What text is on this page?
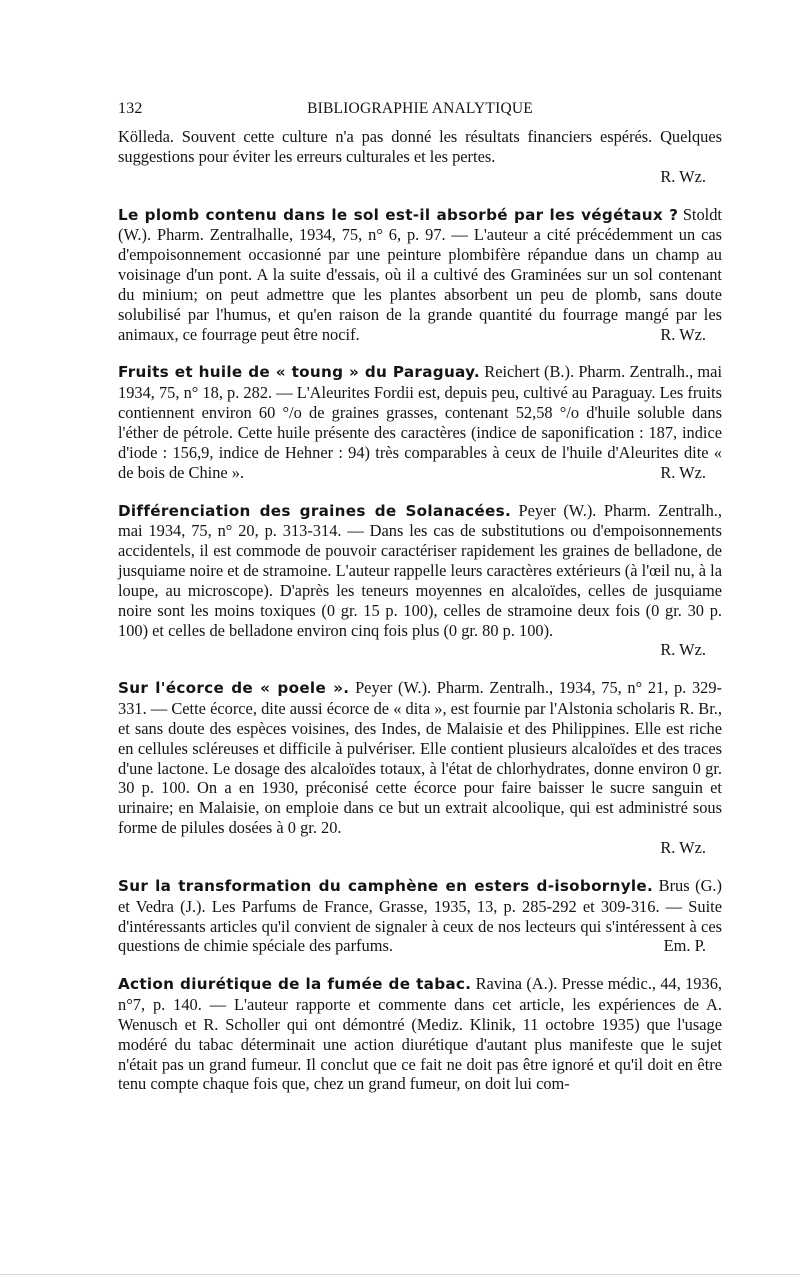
132	BIBLIOGRAPHIE ANALYTIQUE

Kölleda. Souvent cette culture n'a pas donné les résultats financiers espérés. Quelques suggestions pour éviter les erreurs culturales et les pertes.

R. Wz.

Le plomb contenu dans le sol est-il absorbé par les végétaux ? Stoldt (W.). Pharm. Zentralhalle, 1934, 75, n° 6, p. 97. — L'auteur a cité précédemment un cas d'empoisonnement occasionné par une peinture plombifère répandue dans un champ au voisinage d'un pont. A la suite d'essais, où il a cultivé des Graminées sur un sol contenant du minium; on peut admettre que les plantes absorbent un peu de plomb, sans doute solubilisé par l'humus, et qu'en raison de la grande quantité du fourrage mangé par les animaux, ce fourrage peut être nocif.	R. Wz.

Fruits et huile de « toung » du Paraguay. Reichert (B.). Pharm. Zentralh., mai 1934, 75, n° 18, p. 282. — L'Aleurites Fordii est, depuis peu, cultivé au Paraguay. Les fruits contiennent environ 60 °/o de graines grasses, contenant 52,58 °/o d'huile soluble dans l'éther de pétrole. Cette huile présente des caractères (indice de saponification : 187, indice d'iode : 156,9, indice de Hehner : 94) très comparables à ceux de l'huile d'Aleurites dite « de bois de Chine ».	R. Wz.

Différenciation des graines de Solanacées. Peyer (W.). Pharm. Zentralh., mai 1934, 75, n° 20, p. 313-314. — Dans les cas de substitutions ou d'empoisonnements accidentels, il est commode de pouvoir caractériser rapidement les graines de belladone, de jusquiame noire et de stramoine. L'auteur rappelle leurs caractères extérieurs (à l'œil nu, à la loupe, au microscope). D'après les teneurs moyennes en alcaloïdes, celles de jusquiame noire sont les moins toxiques (0 gr. 15 p. 100), celles de stramoine deux fois (0 gr. 30 p. 100) et celles de belladone environ cinq fois plus (0 gr. 80 p. 100).

R. Wz.

Sur l'écorce de « poele ». Peyer (W.). Pharm. Zentralh., 1934, 75, n° 21, p. 329-331. — Cette écorce, dite aussi écorce de « dita », est fournie par l'Alstonia scholaris R. Br., et sans doute des espèces voisines, des Indes, de Malaisie et des Philippines. Elle est riche en cellules scléreuses et difficile à pulvériser. Elle contient plusieurs alcaloïdes et des traces d'une lactone. Le dosage des alcaloïdes totaux, à l'état de chlorhydrates, donne environ 0 gr. 30 p. 100. On a en 1930, préconisé cette écorce pour faire baisser le sucre sanguin et urinaire; en Malaisie, on emploie dans ce but un extrait alcoolique, qui est administré sous forme de pilules dosées à 0 gr. 20.

R. Wz.

Sur la transformation du camphène en esters d-isobornyle. Brus (G.) et Vedra (J.). Les Parfums de France, Grasse, 1935, 13, p. 285-292 et 309-316. — Suite d'intéressants articles qu'il convient de signaler à ceux de nos lecteurs qui s'intéressent à ces questions de chimie spéciale des parfums.	Em. P.

Action diurétique de la fumée de tabac. Ravina (A.). Presse médic., 44, 1936, n°7, p. 140. — L'auteur rapporte et commente dans cet article, les expériences de A. Wenusch et R. Scholler qui ont démontré (Mediz. Klinik, 11 octobre 1935) que l'usage modéré du tabac déterminait une action diurétique d'autant plus manifeste que le sujet n'était pas un grand fumeur. Il conclut que ce fait ne doit pas être ignoré et qu'il doit en être tenu compte chaque fois que, chez un grand fumeur, on doit lui com-
